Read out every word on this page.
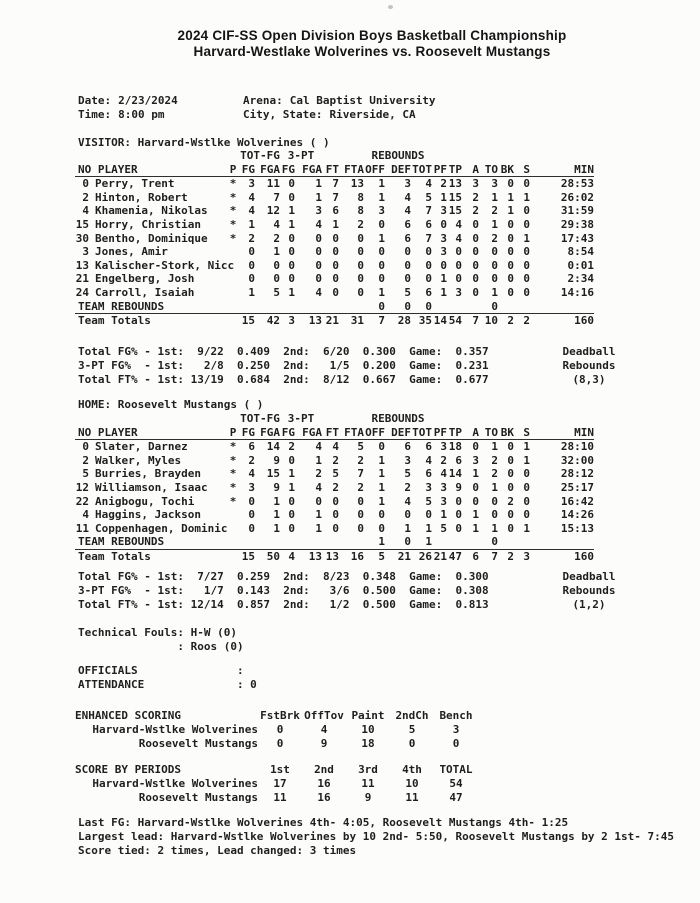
2024 CIF-SS Open Division Boys Basketball Championship
Harvard-Westlake Wolverines vs. Roosevelt Mustangs
Date: 2/23/2024
Time: 8:00 pm
Arena: Cal Baptist University
City, State: Riverside, CA
VISITOR: Harvard-Wstlke Wolverines ( )
			TOT-FG		3-PT				REBOUNDS									
NO PLAYER		P	FG	FGA	FG	FGA	FT	FTA	OFF	DEF	TOT	PF	TP	A	TO	BK	S	MIN
0	Perry, Trent	*	3	11	0	1	7	13	1	3	4	2	13	3	3	0	0	28:53
2	Hinton, Robert	*	4	7	0	1	7	8	1	4	5	1	15	2	1	1	1	26:02
4	Khamenia, Nikolas	*	4	12	1	3	6	8	3	4	7	3	15	2	2	1	0	31:59
15	Horry, Christian	*	1	4	1	4	1	2	0	6	6	0	4	0	1	0	0	29:38
30	Bentho, Dominique	*	2	2	0	0	0	0	1	6	7	3	4	0	2	0	1	17:43
3	Jones, Amir		0	1	0	0	0	0	0	0	0	3	0	0	0	0	0	8:54
13	Kalischer-Stork, Nicc		0	0	0	0	0	0	0	0	0	0	0	0	0	0	0	0:01
21	Engelberg, Josh		0	0	0	0	0	0	0	0	0	1	0	0	0	0	0	2:34
24	Carroll, Isaiah		1	5	1	4	0	0	1	5	6	1	3	0	1	0	0	14:16
TEAM REBOUNDS									0	0	0				0			
Team Totals			15	42	3	13	21	31	7	28	35	14	54	7	10	2	2	160
Total FG% - 1st:  9/22  0.409  2nd:  6/20  0.300  Game:  0.357
3-PT FG%  - 1st:   2/8  0.250  2nd:   1/5  0.200  Game:  0.231
Total FT% - 1st: 13/19  0.684  2nd:  8/12  0.667  Game:  0.677
Deadball
Rebounds
(8,3)
HOME: Roosevelt Mustangs ( )
			TOT-FG		3-PT				REBOUNDS									
NO PLAYER		P	FG	FGA	FG	FGA	FT	FTA	OFF	DEF	TOT	PF	TP	A	TO	BK	S	MIN
0	Slater, Darnez	*	6	14	2	4	4	5	0	6	6	3	18	0	1	0	1	28:10
2	Walker, Myles	*	2	9	0	1	2	2	1	3	4	2	6	3	2	0	1	32:00
5	Burries, Brayden	*	4	15	1	2	5	7	1	5	6	4	14	1	2	0	0	28:12
12	Williamson, Isaac	*	3	9	1	4	2	2	1	2	3	3	9	0	1	0	0	25:17
22	Anigbogu, Tochi	*	0	1	0	0	0	0	1	4	5	3	0	0	0	2	0	16:42
4	Haggins, Jackson		0	1	0	1	0	0	0	0	0	1	0	1	0	0	0	14:26
11	Coppenhagen, Dominic		0	1	0	1	0	0	0	1	1	5	0	1	1	0	1	15:13
TEAM REBOUNDS									1	0	1				0			
Team Totals			15	50	4	13	13	16	5	21	26	21	47	6	7	2	3	160
Total FG% - 1st:  7/27  0.259  2nd:  8/23  0.348  Game:  0.300
3-PT FG%  - 1st:   1/7  0.143  2nd:   3/6  0.500  Game:  0.308
Total FT% - 1st: 12/14  0.857  2nd:   1/2  0.500  Game:  0.813
Deadball
Rebounds
(1,2)
Technical Fouls: H-W (0)
: Roos (0)
OFFICIALS               :
ATTENDANCE              : 0
ENHANCED SCORING	FstBrk	OffTov	Paint	2ndCh	Bench
Harvard-Wstlke Wolverines	0	4	10	5	3
Roosevelt Mustangs	0	9	18	0	0
SCORE BY PERIODS	1st	2nd	3rd	4th	TOTAL
Harvard-Wstlke Wolverines	17	16	11	10	54
Roosevelt Mustangs	11	16	9	11	47
Last FG: Harvard-Wstlke Wolverines 4th- 4:05, Roosevelt Mustangs 4th- 1:25
Largest lead: Harvard-Wstlke Wolverines by 10 2nd- 5:50, Roosevelt Mustangs by 2 1st- 7:45
Score tied: 2 times, Lead changed: 3 times
